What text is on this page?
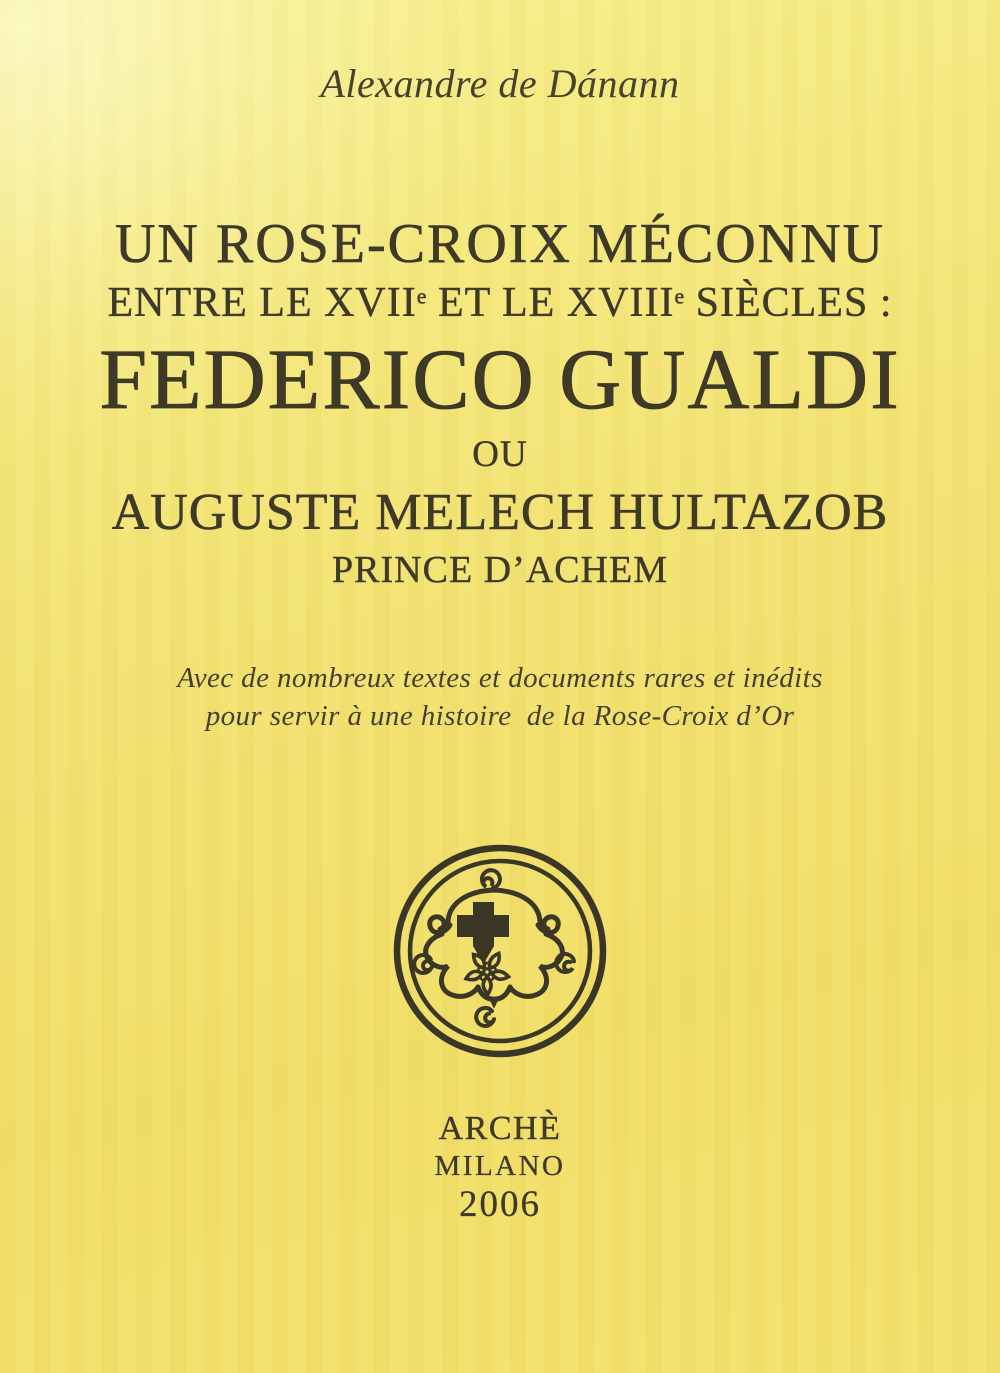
Alexandre de Dánann
UN ROSE-CROIX MÉCONNU
ENTRE LE XVIIe ET LE XVIIIe SIÈCLES :
FEDERICO GUALDI
OU
AUGUSTE MELECH HULTAZOB
PRINCE D’ACHEM
Avec de nombreux textes et documents rares et inédits
pour servir à une histoire  de la Rose-Croix d’Or
ARCHÈ
MILANO
2006
